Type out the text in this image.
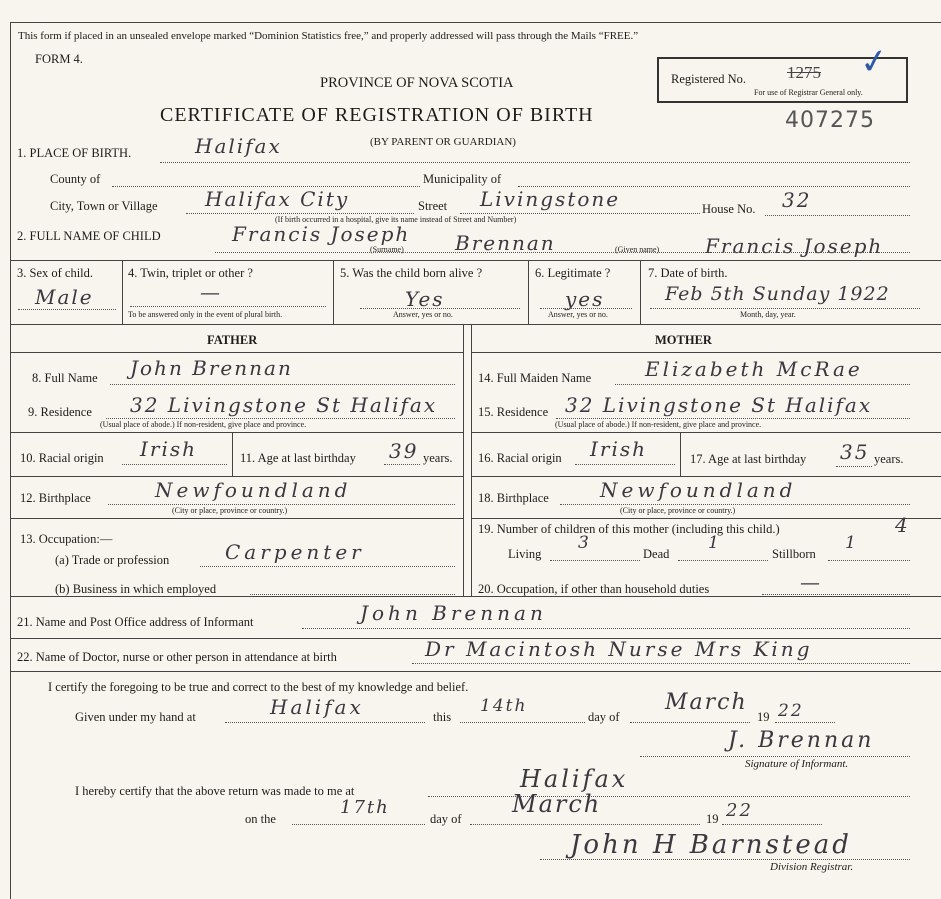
This form if placed in an unsealed envelope marked “Dominion Statistics free,” and properly addressed will pass through the Mails “FREE.”
FORM 4.
PROVINCE OF NOVA SCOTIA
CERTIFICATE OF REGISTRATION OF BIRTH
(BY PARENT OR GUARDIAN)
Registered No. 1275
For use of Registrar General only.
✓
407275
1. PLACE OF BIRTH.	Halifax
County of	Municipality of
City, Town or Village Halifax City	Street Livingstone	House No. 32
(If birth occurred in a hospital, give its name instead of Street and Number)
2. FULL NAME OF CHILD	Francis Joseph
(Surname)	Brennan	(Given name) Francis Joseph
3. Sex of child.
Male
4. Twin, triplet or other ?
—
To be answered only in the event of plural birth.
5. Was the child born alive ?
Yes
Answer, yes or no.
6. Legitimate ?
yes
Answer, yes or no.
7. Date of birth.
Feb 5th Sunday 1922
Month, day, year.
FATHER
8. Full Name John Brennan
9. Residence 32 Livingstone St Halifax
(Usual place of abode.) If non-resident, give place and province.
10. Racial origin Irish	11. Age at last birthday 39 years.
12. Birthplace	Newfoundland
(City or place, province or country.)
13. Occupation:—
(a) Trade or profession	Carpenter
(b) Business in which employed
MOTHER
14. Full Maiden Name	Elizabeth McRae
15. Residence 32 Livingstone St Halifax
(Usual place of abode.) If non-resident, give place and province.
16. Racial origin Irish	17. Age at last birthday 35 years.
18. Birthplace	Newfoundland
(City or place, province or country.)
19. Number of children of this mother (including this child.)	4
Living
3
Dead
1
Stillborn
1
20. Occupation, if other than household duties	—
21. Name and Post Office address of Informant	John Brennan
22. Name of Doctor, nurse or other person in attendance at birth	Dr Macintosh Nurse Mrs King
I certify the foregoing to be true and correct to the best of my knowledge and belief.
Given under my hand at	Halifax	this
14th
day of
March
19 22
J. Brennan
Signature of Informant.
I hereby certify that the above return was made to me at	Halifax
on the
17th
day of
March
19 22
John H Barnstead
Division Registrar.
